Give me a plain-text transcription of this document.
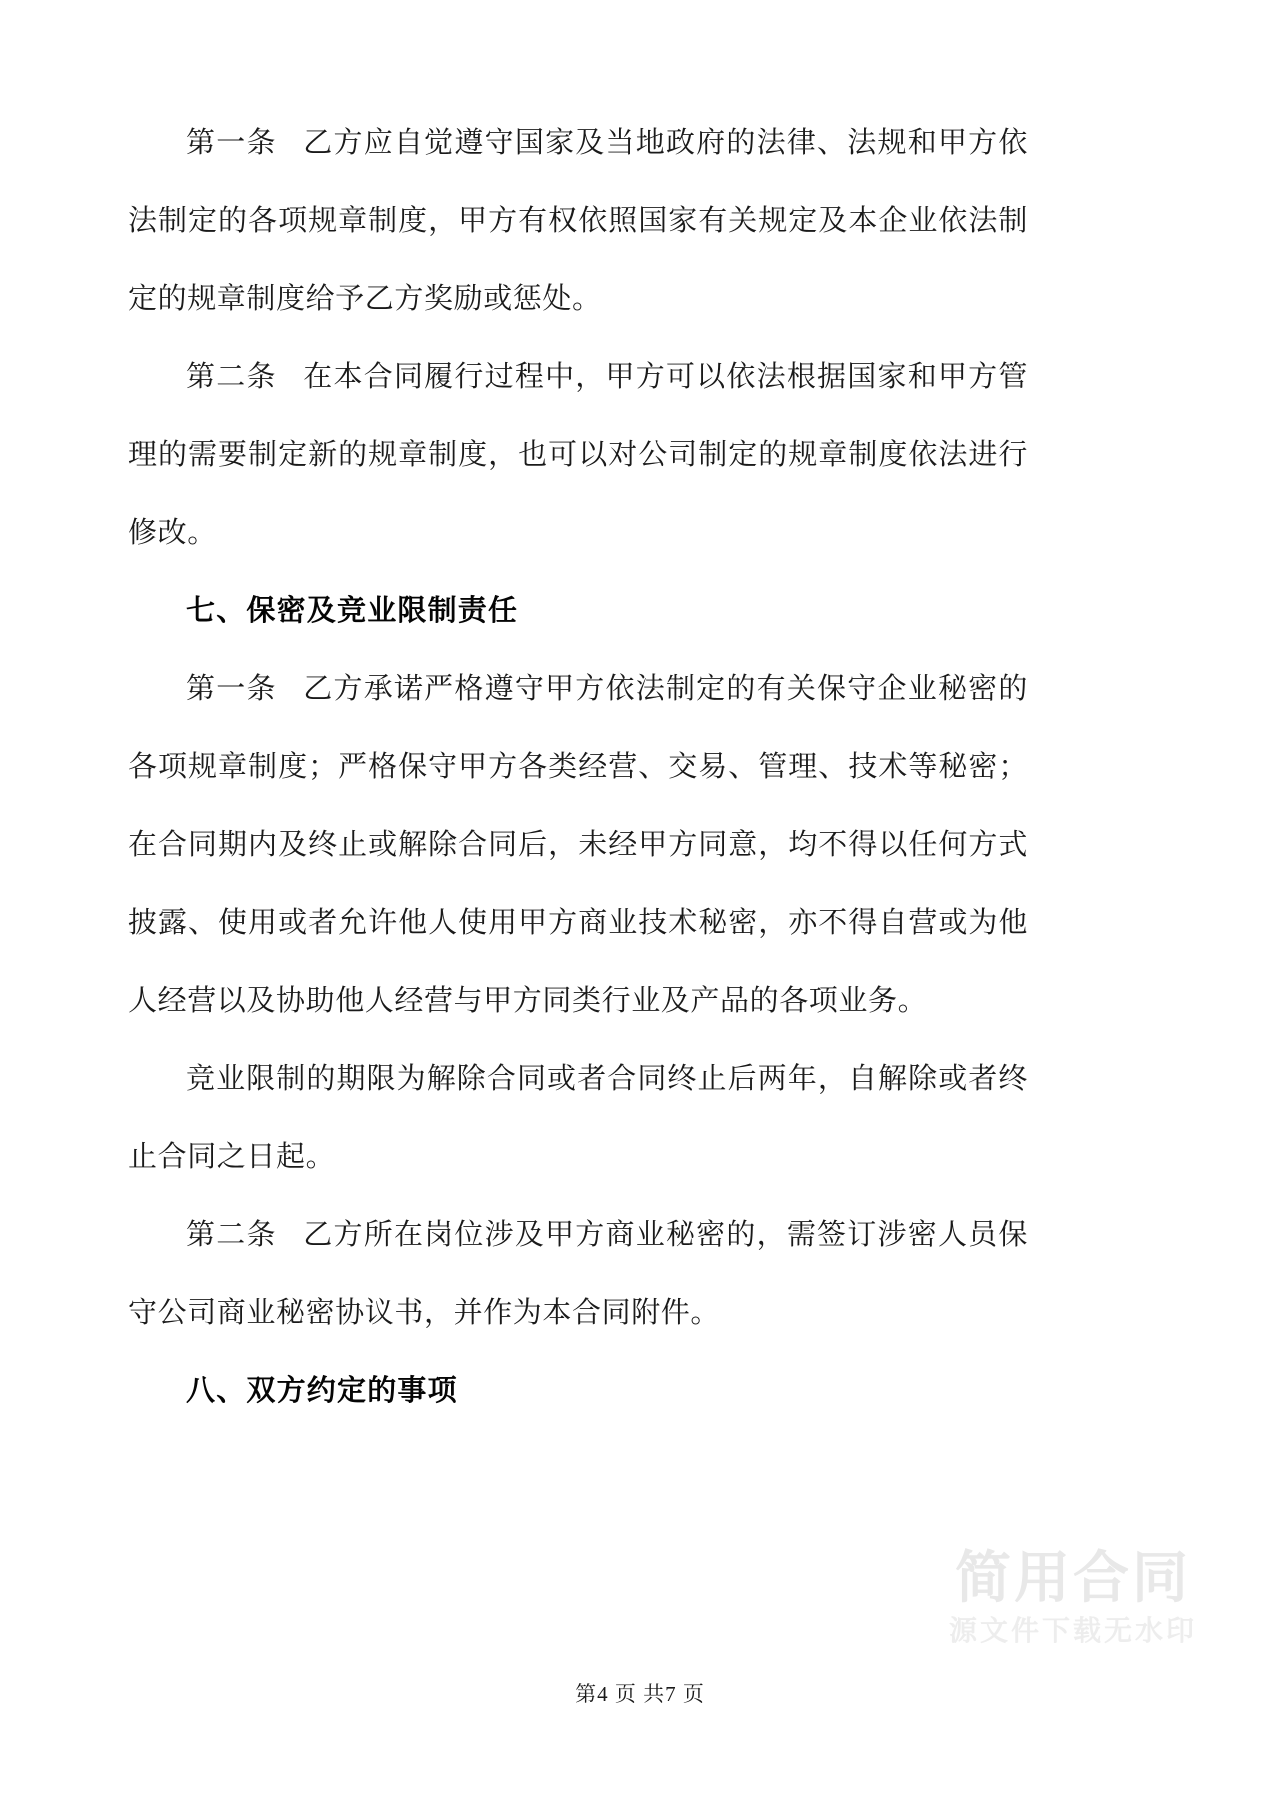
第一条 乙方应自觉遵守国家及当地政府的法律、法规和甲方依法制定的各项规章制度，甲方有权依照国家有关规定及本企业依法制定的规章制度给予乙方奖励或惩处。

第二条 在本合同履行过程中，甲方可以依法根据国家和甲方管理的需要制定新的规章制度，也可以对公司制定的规章制度依法进行修改。

七、保密及竞业限制责任

第一条 乙方承诺严格遵守甲方依法制定的有关保守企业秘密的各项规章制度；严格保守甲方各类经营、交易、管理、技术等秘密；在合同期内及终止或解除合同后，未经甲方同意，均不得以任何方式披露、使用或者允许他人使用甲方商业技术秘密，亦不得自营或为他人经营以及协助他人经营与甲方同类行业及产品的各项业务。

竞业限制的期限为解除合同或者合同终止后两年，自解除或者终止合同之日起。

第二条 乙方所在岗位涉及甲方商业秘密的，需签订涉密人员保守公司商业秘密协议书，并作为本合同附件。

八、双方约定的事项
简用合同
源文件下载无水印
第4 页 共7 页
